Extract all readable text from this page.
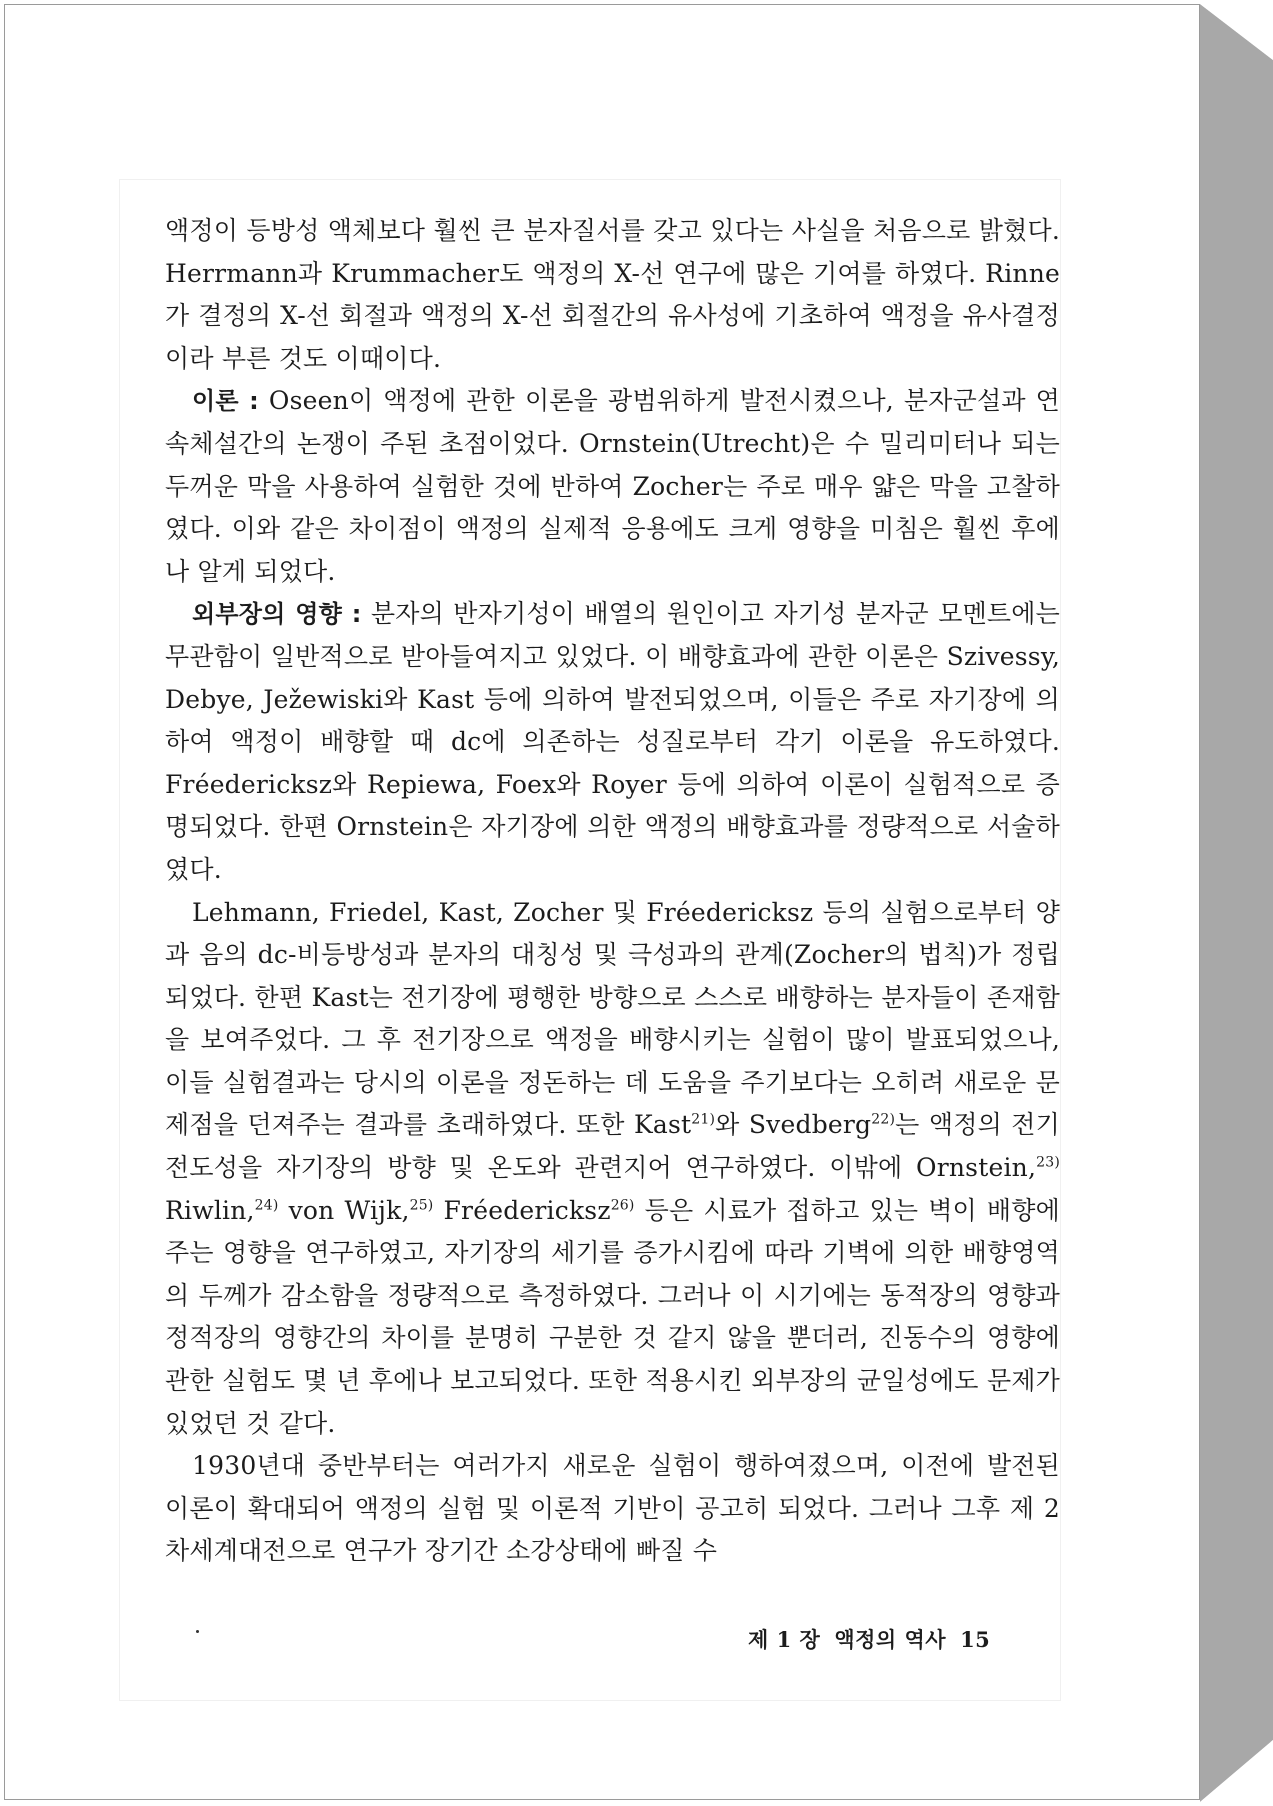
액정이 등방성 액체보다 훨씬 큰 분자질서를 갖고 있다는 사실을 처음으로 밝혔다. Herrmann과 Krummacher도 액정의 X-선 연구에 많은 기여를 하였다. Rinne가 결정의 X-선 회절과 액정의 X-선 회절간의 유사성에 기초하여 액정을 유사결정이라 부른 것도 이때이다.

이론 : Oseen이 액정에 관한 이론을 광범위하게 발전시켰으나, 분자군설과 연속체설간의 논쟁이 주된 초점이었다. Ornstein(Utrecht)은 수 밀리미터나 되는 두꺼운 막을 사용하여 실험한 것에 반하여 Zocher는 주로 매우 얇은 막을 고찰하였다. 이와 같은 차이점이 액정의 실제적 응용에도 크게 영향을 미침은 훨씬 후에나 알게 되었다.

외부장의 영향 : 분자의 반자기성이 배열의 원인이고 자기성 분자군 모멘트에는 무관함이 일반적으로 받아들여지고 있었다. 이 배향효과에 관한 이론은 Szivessy, Debye, Ježewiski와 Kast 등에 의하여 발전되었으며, 이들은 주로 자기장에 의하여 액정이 배향할 때 dc에 의존하는 성질로부터 각기 이론을 유도하였다. Fréedericksz와 Repiewa, Foex와 Royer 등에 의하여 이론이 실험적으로 증명되었다. 한편 Ornstein은 자기장에 의한 액정의 배향효과를 정량적으로 서술하였다.

Lehmann, Friedel, Kast, Zocher 및 Fréedericksz 등의 실험으로부터 양과 음의 dc-비등방성과 분자의 대칭성 및 극성과의 관계(Zocher의 법칙)가 정립되었다. 한편 Kast는 전기장에 평행한 방향으로 스스로 배향하는 분자들이 존재함을 보여주었다. 그 후 전기장으로 액정을 배향시키는 실험이 많이 발표되었으나, 이들 실험결과는 당시의 이론을 정돈하는 데 도움을 주기보다는 오히려 새로운 문제점을 던져주는 결과를 초래하였다. 또한 Kast$^{21)}$와 Svedberg$^{22)}$는 액정의 전기 전도성을 자기장의 방향 및 온도와 관련지어 연구하였다. 이밖에 Ornstein,$^{23)}$ Riwlin,$^{24)}$ von Wijk,$^{25)}$ Fréedericksz$^{26)}$ 등은 시료가 접하고 있는 벽이 배향에 주는 영향을 연구하였고, 자기장의 세기를 증가시킴에 따라 기벽에 의한 배향영역의 두께가 감소함을 정량적으로 측정하였다. 그러나 이 시기에는 동적장의 영향과 정적장의 영향간의 차이를 분명히 구분한 것 같지 않을 뿐더러, 진동수의 영향에 관한 실험도 몇 년 후에나 보고되었다. 또한 적용시킨 외부장의 균일성에도 문제가 있었던 것 같다.

1930년대 중반부터는 여러가지 새로운 실험이 행하여졌으며, 이전에 발전된 이론이 확대되어 액정의 실험 및 이론적 기반이 공고히 되었다. 그러나 그후 제 2 차세계대전으로 연구가 장기간 소강상태에 빠질 수

제 1 장 액정의 역사 15
